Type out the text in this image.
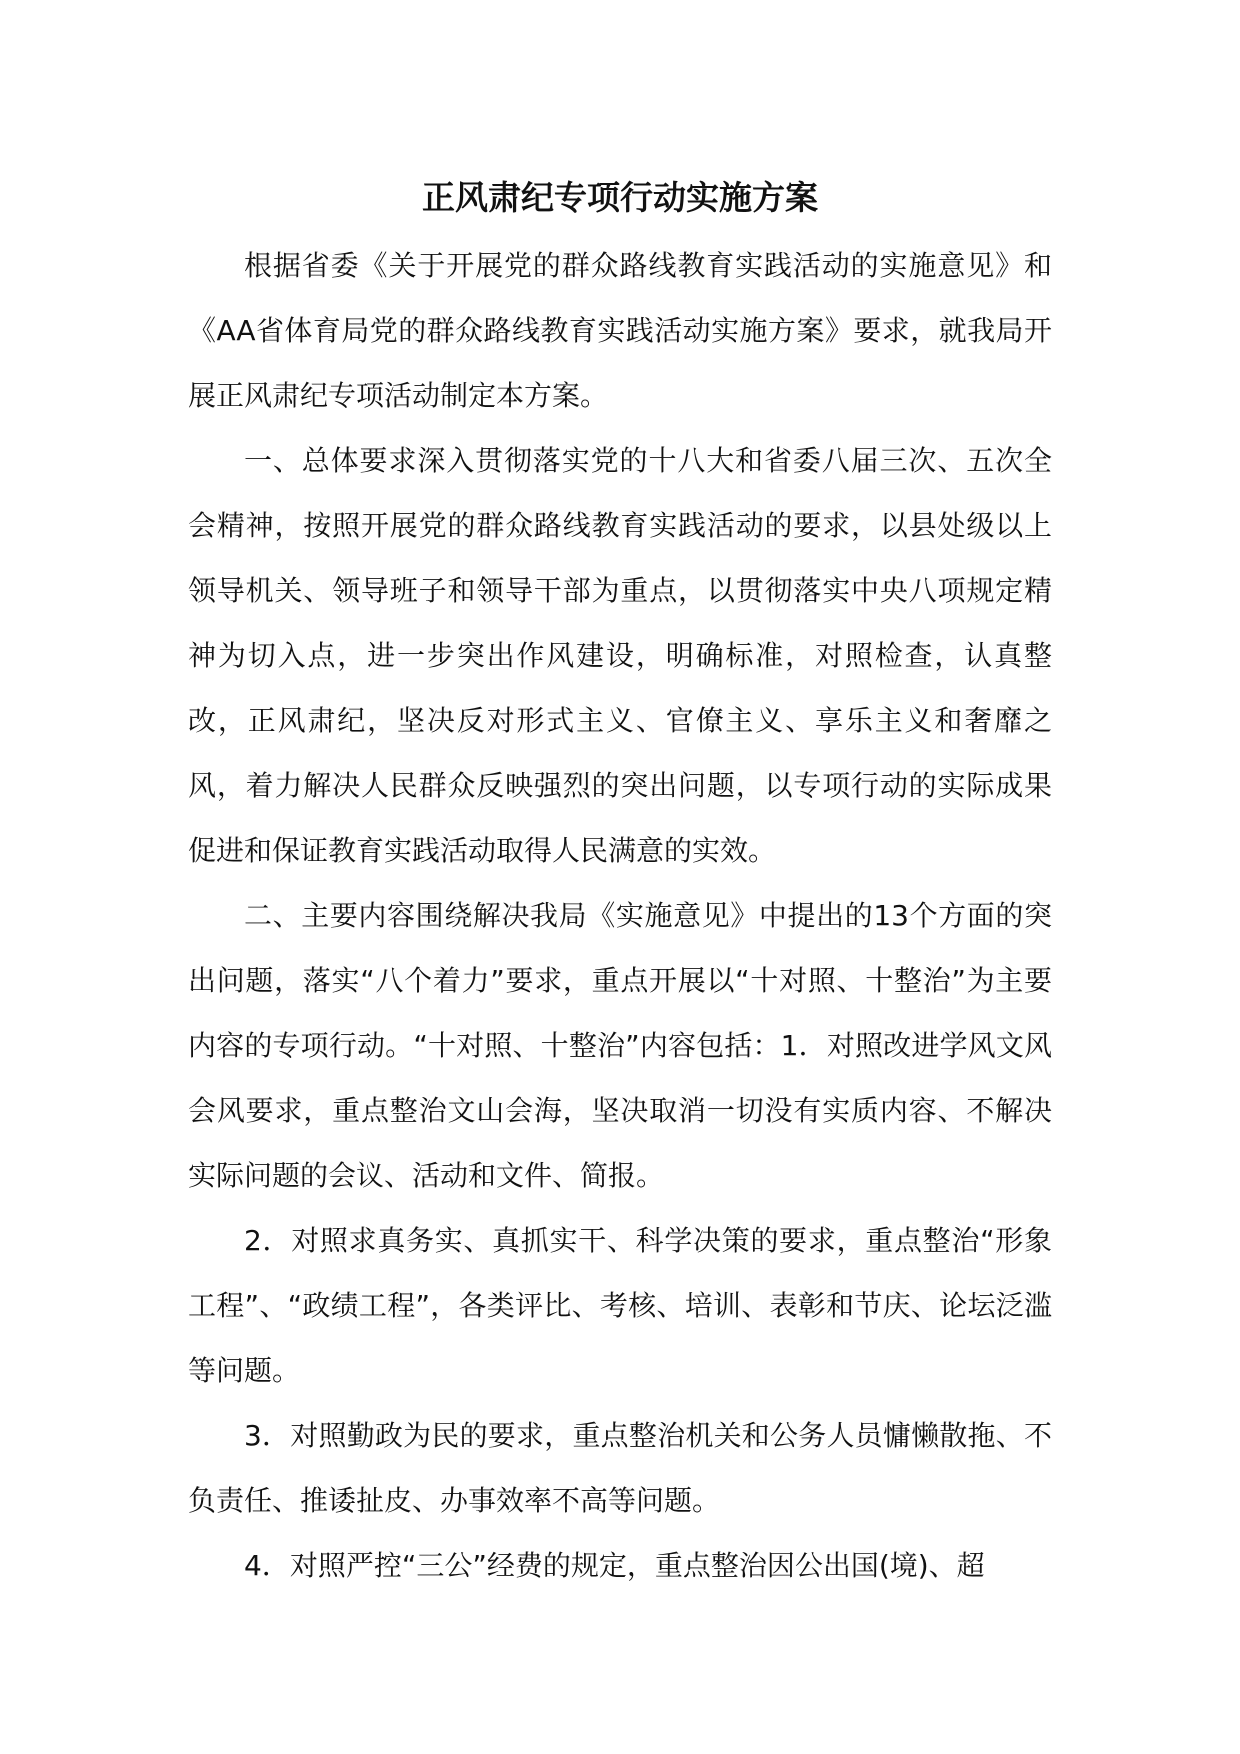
正风肃纪专项行动实施方案

根据省委《关于开展党的群众路线教育实践活动的实施意见》和《AA省体育局党的群众路线教育实践活动实施方案》要求，就我局开展正风肃纪专项活动制定本方案。

一、总体要求深入贯彻落实党的十八大和省委八届三次、五次全会精神，按照开展党的群众路线教育实践活动的要求，以县处级以上领导机关、领导班子和领导干部为重点，以贯彻落实中央八项规定精神为切入点，进一步突出作风建设，明确标准，对照检查，认真整改，正风肃纪，坚决反对形式主义、官僚主义、享乐主义和奢靡之风，着力解决人民群众反映强烈的突出问题，以专项行动的实际成果促进和保证教育实践活动取得人民满意的实效。

二、主要内容围绕解决我局《实施意见》中提出的13个方面的突出问题，落实“八个着力”要求，重点开展以“十对照、十整治”为主要内容的专项行动。“十对照、十整治”内容包括：1．对照改进学风文风会风要求，重点整治文山会海，坚决取消一切没有实质内容、不解决实际问题的会议、活动和文件、简报。

2．对照求真务实、真抓实干、科学决策的要求，重点整治“形象工程”、“政绩工程”，各类评比、考核、培训、表彰和节庆、论坛泛滥等问题。

3．对照勤政为民的要求，重点整治机关和公务人员慵懒散拖、不负责任、推诿扯皮、办事效率不高等问题。

4．对照严控“三公”经费的规定，重点整治因公出国(境)、超
